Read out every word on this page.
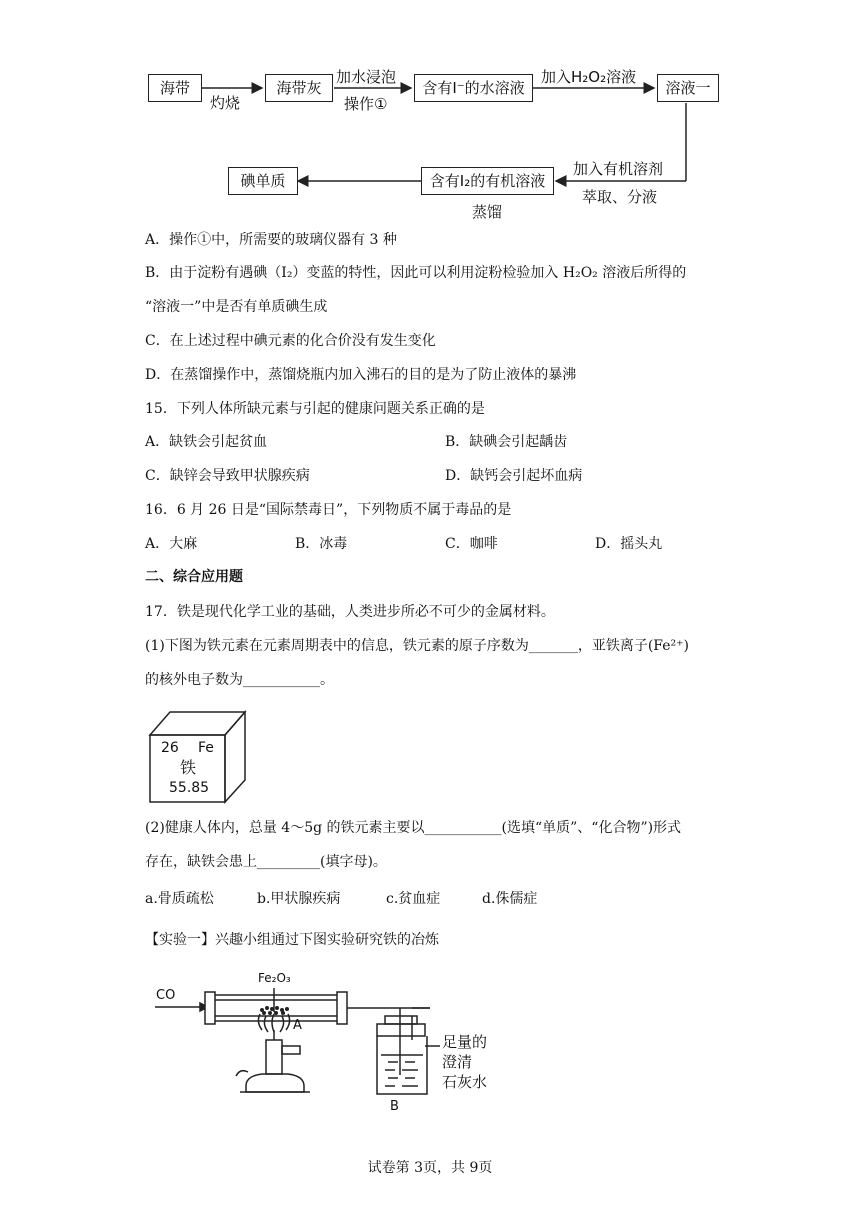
海带	海带灰	含有I⁻的水溶液	溶液一
含有I₂的有机溶液
碘单质
灼烧
加水浸泡
操作①
加入H₂O₂溶液
加入有机溶剂
萃取、分液
蒸馏
A．操作①中，所需要的玻璃仪器有 3 种
B．由于淀粉有遇碘（I₂）变蓝的特性，因此可以利用淀粉检验加入 H₂O₂ 溶液后所得的
“溶液一”中是否有单质碘生成
C．在上述过程中碘元素的化合价没有发生变化
D．在蒸馏操作中，蒸馏烧瓶内加入沸石的目的是为了防止液体的暴沸
15．下列人体所缺元素与引起的健康问题关系正确的是
A．缺铁会引起贫血	B．缺碘会引起龋齿
C．缺锌会导致甲状腺疾病	D．缺钙会引起坏血病
16．6 月 26 日是“国际禁毒日”，下列物质不属于毒品的是
A．大麻	B．冰毒	C．咖啡	D．摇头丸
二、综合应用题
17．铁是现代化学工业的基础，人类进步所必不可少的金属材料。
(1)下图为铁元素在元素周期表中的信息，铁元素的原子序数为_______，亚铁离子(Fe²⁺)
的核外电子数为___________。
26 Fe
铁
55.85
(2)健康人体内，总量 4～5g 的铁元素主要以___________(选填“单质”、“化合物”)形式
存在，缺铁会患上_________(填字母)。
a.骨质疏松	b.甲状腺疾病	c.贫血症	d.侏儒症
【实验一】兴趣小组通过下图实验研究铁的冶炼
CO
Fe₂O₃
A
B
足量的
澄清
石灰水
试卷第 3页，共 9页
